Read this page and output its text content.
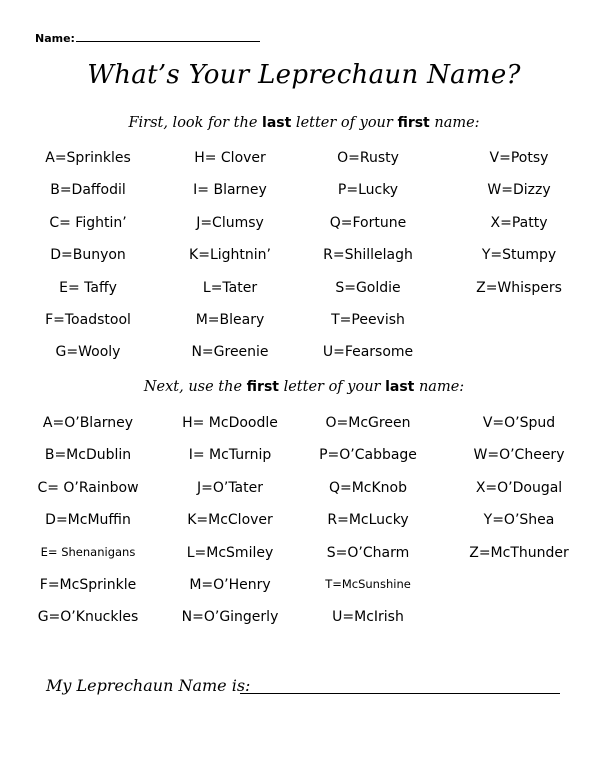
Name:
What’s Your Leprechaun Name?
First, look for the last letter of your first name:
A=Sprinkles
B=Daffodil
C= Fightin’
D=Bunyon
E= Taffy
F=Toadstool
G=Wooly
H= Clover
I= Blarney
J=Clumsy
K=Lightnin’
L=Tater
M=Bleary
N=Greenie
O=Rusty
P=Lucky
Q=Fortune
R=Shillelagh
S=Goldie
T=Peevish
U=Fearsome
V=Potsy
W=Dizzy
X=Patty
Y=Stumpy
Z=Whispers
Next, use the first letter of your last name:
A=O’Blarney
B=McDublin
C= O’Rainbow
D=McMuffin
E= Shenanigans
F=McSprinkle
G=O’Knuckles
H= McDoodle
I= McTurnip
J=O’Tater
K=McClover
L=McSmiley
M=O’Henry
N=O’Gingerly
O=McGreen
P=O’Cabbage
Q=McKnob
R=McLucky
S=O’Charm
T=McSunshine
U=McIrish
V=O’Spud
W=O’Cheery
X=O’Dougal
Y=O’Shea
Z=McThunder
My Leprechaun Name is:
